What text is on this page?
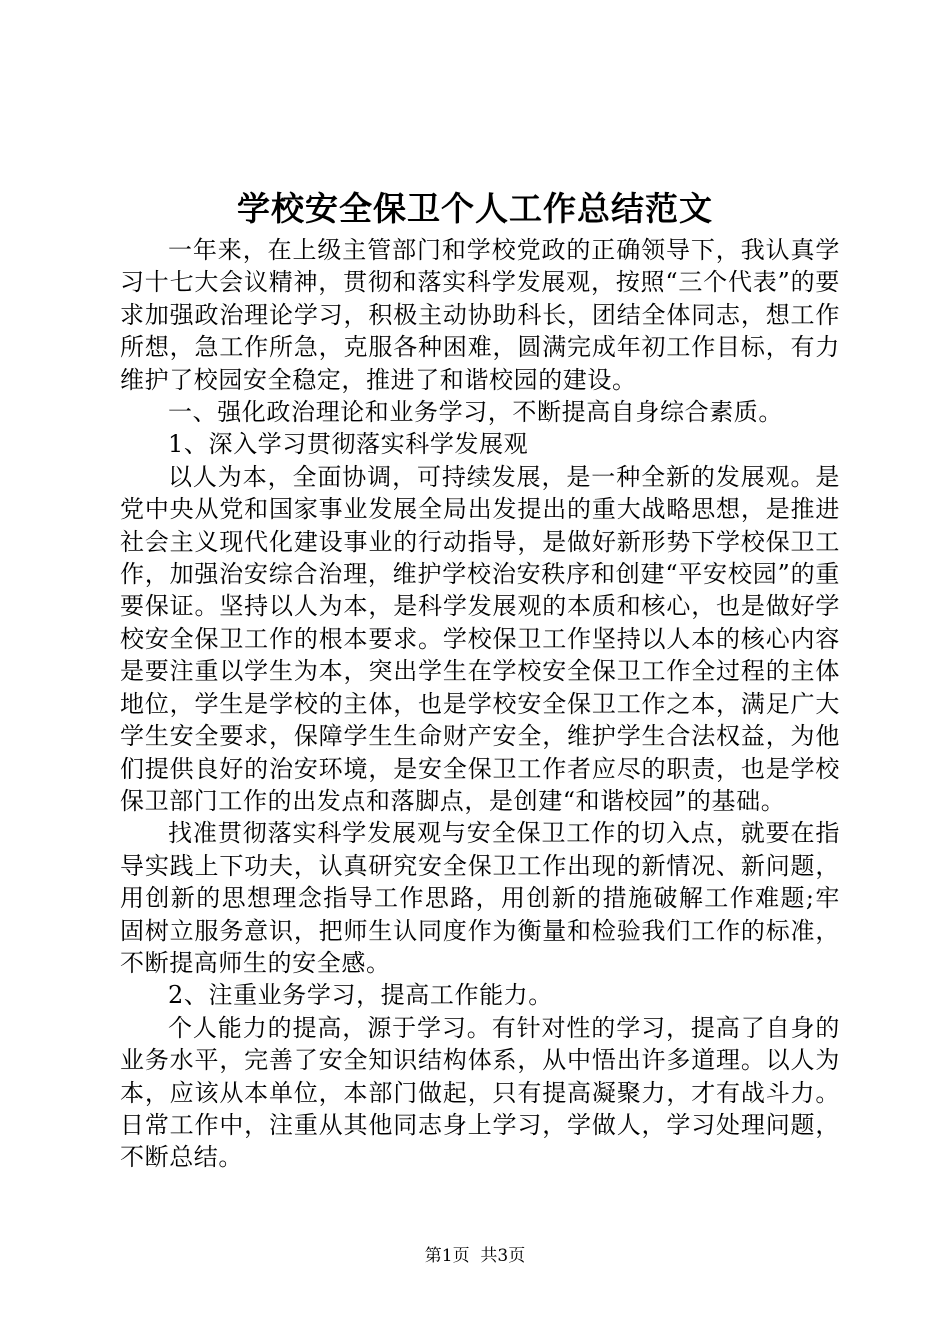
学校安全保卫个人工作总结范文

一年来，在上级主管部门和学校党政的正确领导下，我认真学习十七大会议精神，贯彻和落实科学发展观，按照“三个代表”的要求加强政治理论学习，积极主动协助科长，团结全体同志，想工作所想，急工作所急，克服各种困难，圆满完成年初工作目标，有力维护了校园安全稳定，推进了和谐校园的建设。

一、强化政治理论和业务学习，不断提高自身综合素质。

1、深入学习贯彻落实科学发展观

以人为本，全面协调，可持续发展，是一种全新的发展观。是党中央从党和国家事业发展全局出发提出的重大战略思想，是推进社会主义现代化建设事业的行动指导，是做好新形势下学校保卫工作，加强治安综合治理，维护学校治安秩序和创建“平安校园”的重要保证。坚持以人为本，是科学发展观的本质和核心，也是做好学校安全保卫工作的根本要求。学校保卫工作坚持以人本的核心内容是要注重以学生为本，突出学生在学校安全保卫工作全过程的主体地位，学生是学校的主体，也是学校安全保卫工作之本，满足广大学生安全要求，保障学生生命财产安全，维护学生合法权益，为他们提供良好的治安环境，是安全保卫工作者应尽的职责，也是学校保卫部门工作的出发点和落脚点，是创建“和谐校园”的基础。

找准贯彻落实科学发展观与安全保卫工作的切入点，就要在指导实践上下功夫，认真研究安全保卫工作出现的新情况、新问题，用创新的思想理念指导工作思路，用创新的措施破解工作难题;牢固树立服务意识，把师生认同度作为衡量和检验我们工作的标准，不断提高师生的安全感。

2、注重业务学习，提高工作能力。

个人能力的提高，源于学习。有针对性的学习，提高了自身的业务水平，完善了安全知识结构体系，从中悟出许多道理。以人为本，应该从本单位，本部门做起，只有提高凝聚力，才有战斗力。日常工作中，注重从其他同志身上学习，学做人，学习处理问题，不断总结。

第1页  共3页
